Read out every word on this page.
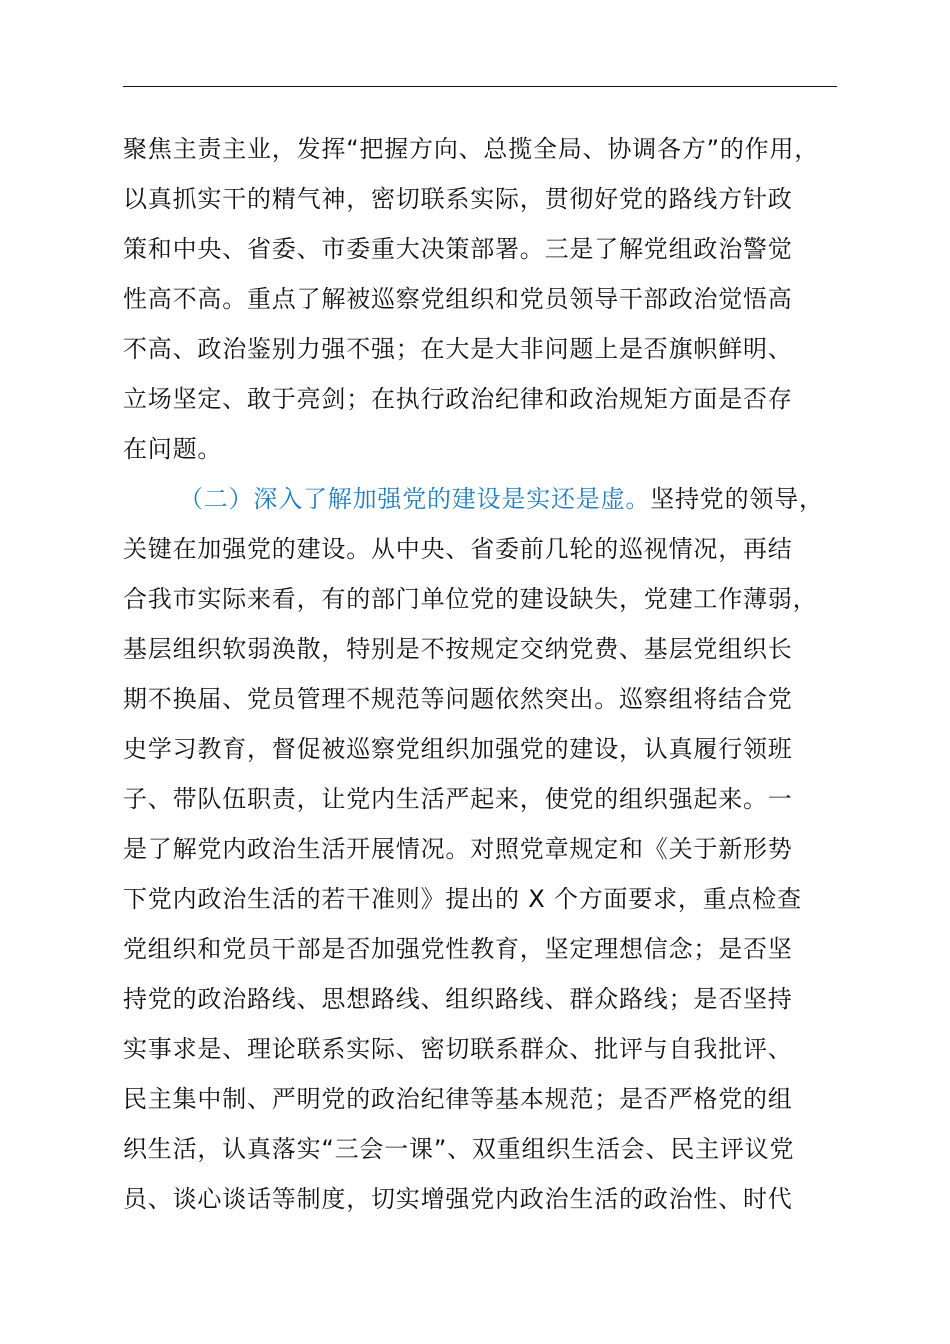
聚焦主责主业，发挥“把握方向、总揽全局、协调各方”的作用，
以真抓实干的精气神，密切联系实际，贯彻好党的路线方针政
策和中央、省委、市委重大决策部署。三是了解党组政治警觉
性高不高。重点了解被巡察党组织和党员领导干部政治觉悟高
不高、政治鉴别力强不强；在大是大非问题上是否旗帜鲜明、
立场坚定、敢于亮剑；在执行政治纪律和政治规矩方面是否存
在问题。
（二）深入了解加强党的建设是实还是虚。坚持党的领导，
关键在加强党的建设。从中央、省委前几轮的巡视情况，再结
合我市实际来看，有的部门单位党的建设缺失，党建工作薄弱，
基层组织软弱涣散，特别是不按规定交纳党费、基层党组织长
期不换届、党员管理不规范等问题依然突出。巡察组将结合党
史学习教育，督促被巡察党组织加强党的建设，认真履行领班
子、带队伍职责，让党内生活严起来，使党的组织强起来。一
是了解党内政治生活开展情况。对照党章规定和《关于新形势
下党内政治生活的若干准则》提出的 X 个方面要求，重点检查
党组织和党员干部是否加强党性教育，坚定理想信念；是否坚
持党的政治路线、思想路线、组织路线、群众路线；是否坚持
实事求是、理论联系实际、密切联系群众、批评与自我批评、
民主集中制、严明党的政治纪律等基本规范；是否严格党的组
织生活，认真落实“三会一课”、双重组织生活会、民主评议党
员、谈心谈话等制度，切实增强党内政治生活的政治性、时代
